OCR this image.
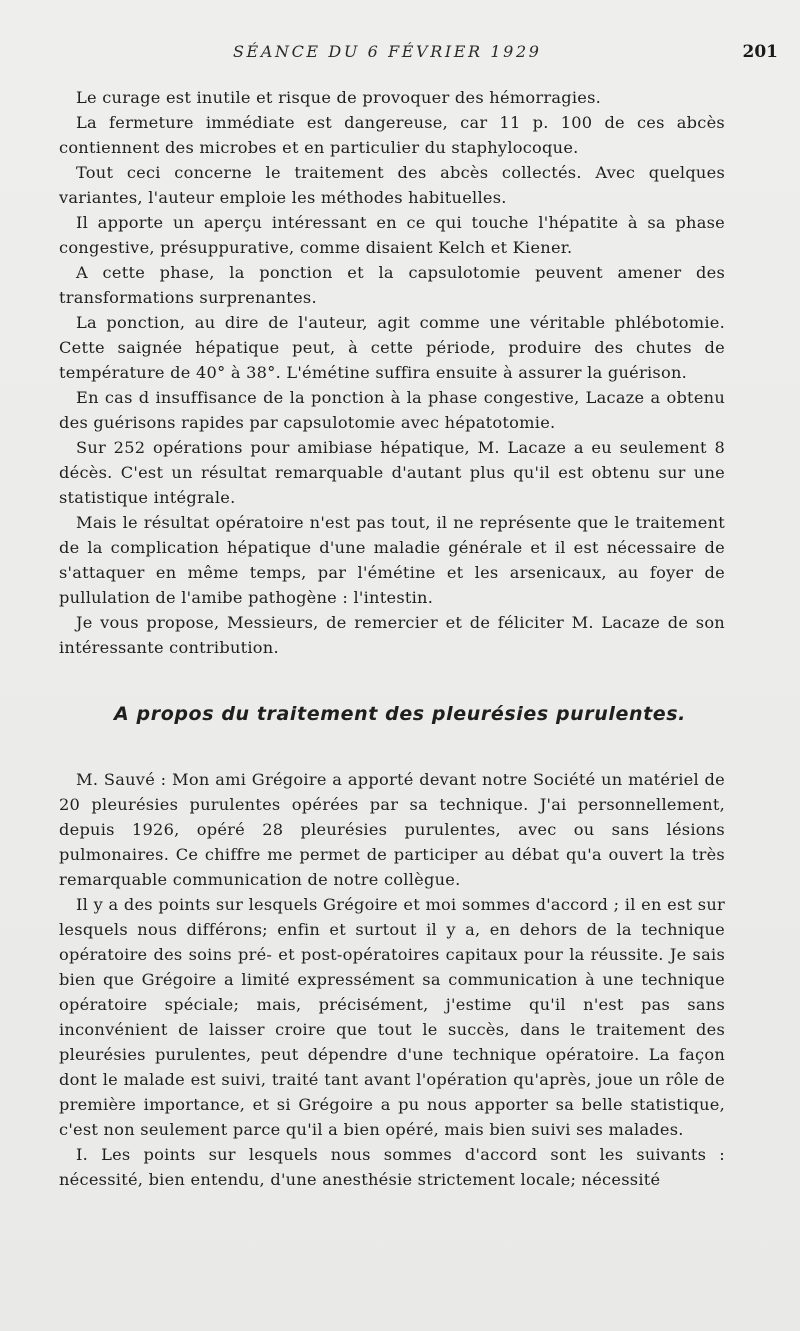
SÉANCE DU 6 FÉVRIER 1929	201

Le curage est inutile et risque de provoquer des hémorragies.

La fermeture immédiate est dangereuse, car 11 p. 100 de ces abcès contiennent des microbes et en particulier du staphylocoque.

Tout ceci concerne le traitement des abcès collectés. Avec quelques variantes, l'auteur emploie les méthodes habituelles.

Il apporte un aperçu intéressant en ce qui touche l'hépatite à sa phase congestive, présuppurative, comme disaient Kelch et Kiener.

A cette phase, la ponction et la capsulotomie peuvent amener des transformations surprenantes.

La ponction, au dire de l'auteur, agit comme une véritable phlébotomie. Cette saignée hépatique peut, à cette période, produire des chutes de température de 40° à 38°. L'émétine suffira ensuite à assurer la guérison.

En cas d insuffisance de la ponction à la phase congestive, Lacaze a obtenu des guérisons rapides par capsulotomie avec hépatotomie.

Sur 252 opérations pour amibiase hépatique, M. Lacaze a eu seulement 8 décès. C'est un résultat remarquable d'autant plus qu'il est obtenu sur une statistique intégrale.

Mais le résultat opératoire n'est pas tout, il ne représente que le traitement de la complication hépatique d'une maladie générale et il est nécessaire de s'attaquer en même temps, par l'émétine et les arsenicaux, au foyer de pullulation de l'amibe pathogène : l'intestin.

Je vous propose, Messieurs, de remercier et de féliciter M. Lacaze de son intéressante contribution.

A propos du traitement des pleurésies purulentes.

M. Sauvé : Mon ami Grégoire a apporté devant notre Société un matériel de 20 pleurésies purulentes opérées par sa technique. J'ai personnellement, depuis 1926, opéré 28 pleurésies purulentes, avec ou sans lésions pulmonaires. Ce chiffre me permet de participer au débat qu'a ouvert la très remarquable communication de notre collègue.

Il y a des points sur lesquels Grégoire et moi sommes d'accord ; il en est sur lesquels nous différons; enfin et surtout il y a, en dehors de la technique opératoire des soins pré- et post-opératoires capitaux pour la réussite. Je sais bien que Grégoire a limité expressément sa communication à une technique opératoire spéciale; mais, précisément, j'estime qu'il n'est pas sans inconvénient de laisser croire que tout le succès, dans le traitement des pleurésies purulentes, peut dépendre d'une technique opératoire. La façon dont le malade est suivi, traité tant avant l'opération qu'après, joue un rôle de première importance, et si Grégoire a pu nous apporter sa belle statistique, c'est non seulement parce qu'il a bien opéré, mais bien suivi ses malades.

I. Les points sur lesquels nous sommes d'accord sont les suivants : nécessité, bien entendu, d'une anesthésie strictement locale; nécessité
